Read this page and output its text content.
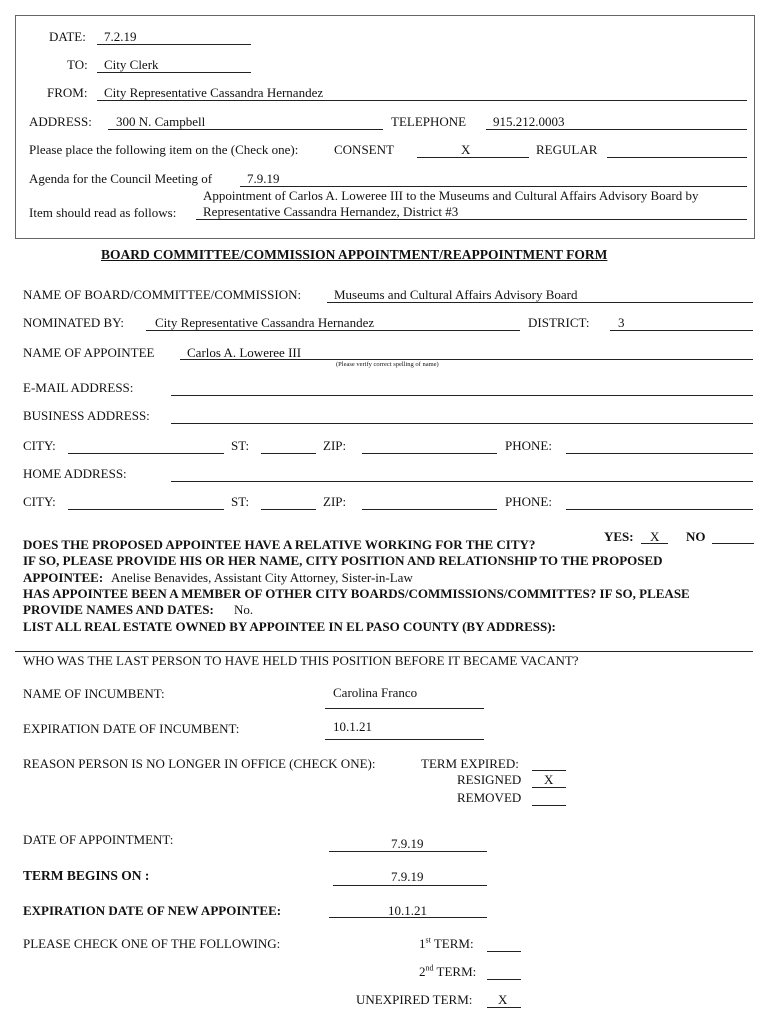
DATE: 7.2.19
TO: City Clerk
FROM: City Representative Cassandra Hernandez
ADDRESS: 300 N. Campbell	TELEPHONE 915.212.0003
Please place the following item on the (Check one):	CONSENT	X	REGULAR
Agenda for the Council Meeting of	7.9.19
Appointment of Carlos A. Loweree III to the Museums and Cultural Affairs Advisory Board by
Item should read as follows: Representative Cassandra Hernandez, District #3
BOARD COMMITTEE/COMMISSION APPOINTMENT/REAPPOINTMENT FORM
NAME OF BOARD/COMMITTEE/COMMISSION:	Museums and Cultural Affairs Advisory Board
NOMINATED BY: City Representative Cassandra Hernandez	DISTRICT: 3
NAME OF APPOINTEE	Carlos A. Loweree III
(Please verify correct spelling of name)
E-MAIL ADDRESS:
BUSINESS ADDRESS:
CITY:	ST:	ZIP:	PHONE:
HOME ADDRESS:
CITY:	ST:	ZIP:	PHONE:
YES: X NO
DOES THE PROPOSED APPOINTEE HAVE A RELATIVE WORKING FOR THE CITY?
IF SO, PLEASE PROVIDE HIS OR HER NAME, CITY POSITION AND RELATIONSHIP TO THE PROPOSED
APPOINTEE: Anelise Benavides, Assistant City Attorney, Sister-in-Law
HAS APPOINTEE BEEN A MEMBER OF OTHER CITY BOARDS/COMMISSIONS/COMMITTES? IF SO, PLEASE
PROVIDE NAMES AND DATES: No.
LIST ALL REAL ESTATE OWNED BY APPOINTEE IN EL PASO COUNTY (BY ADDRESS):
WHO WAS THE LAST PERSON TO HAVE HELD THIS POSITION BEFORE IT BECAME VACANT?
NAME OF INCUMBENT:	Carolina Franco
EXPIRATION DATE OF INCUMBENT:	10.1.21
REASON PERSON IS NO LONGER IN OFFICE (CHECK ONE):	TERM EXPIRED:
RESIGNED X
REMOVED
DATE OF APPOINTMENT:	7.9.19
TERM BEGINS ON :	7.9.19
EXPIRATION DATE OF NEW APPOINTEE:	10.1.21
PLEASE CHECK ONE OF THE FOLLOWING:	1st TERM:
2nd TERM:
UNEXPIRED TERM: X
